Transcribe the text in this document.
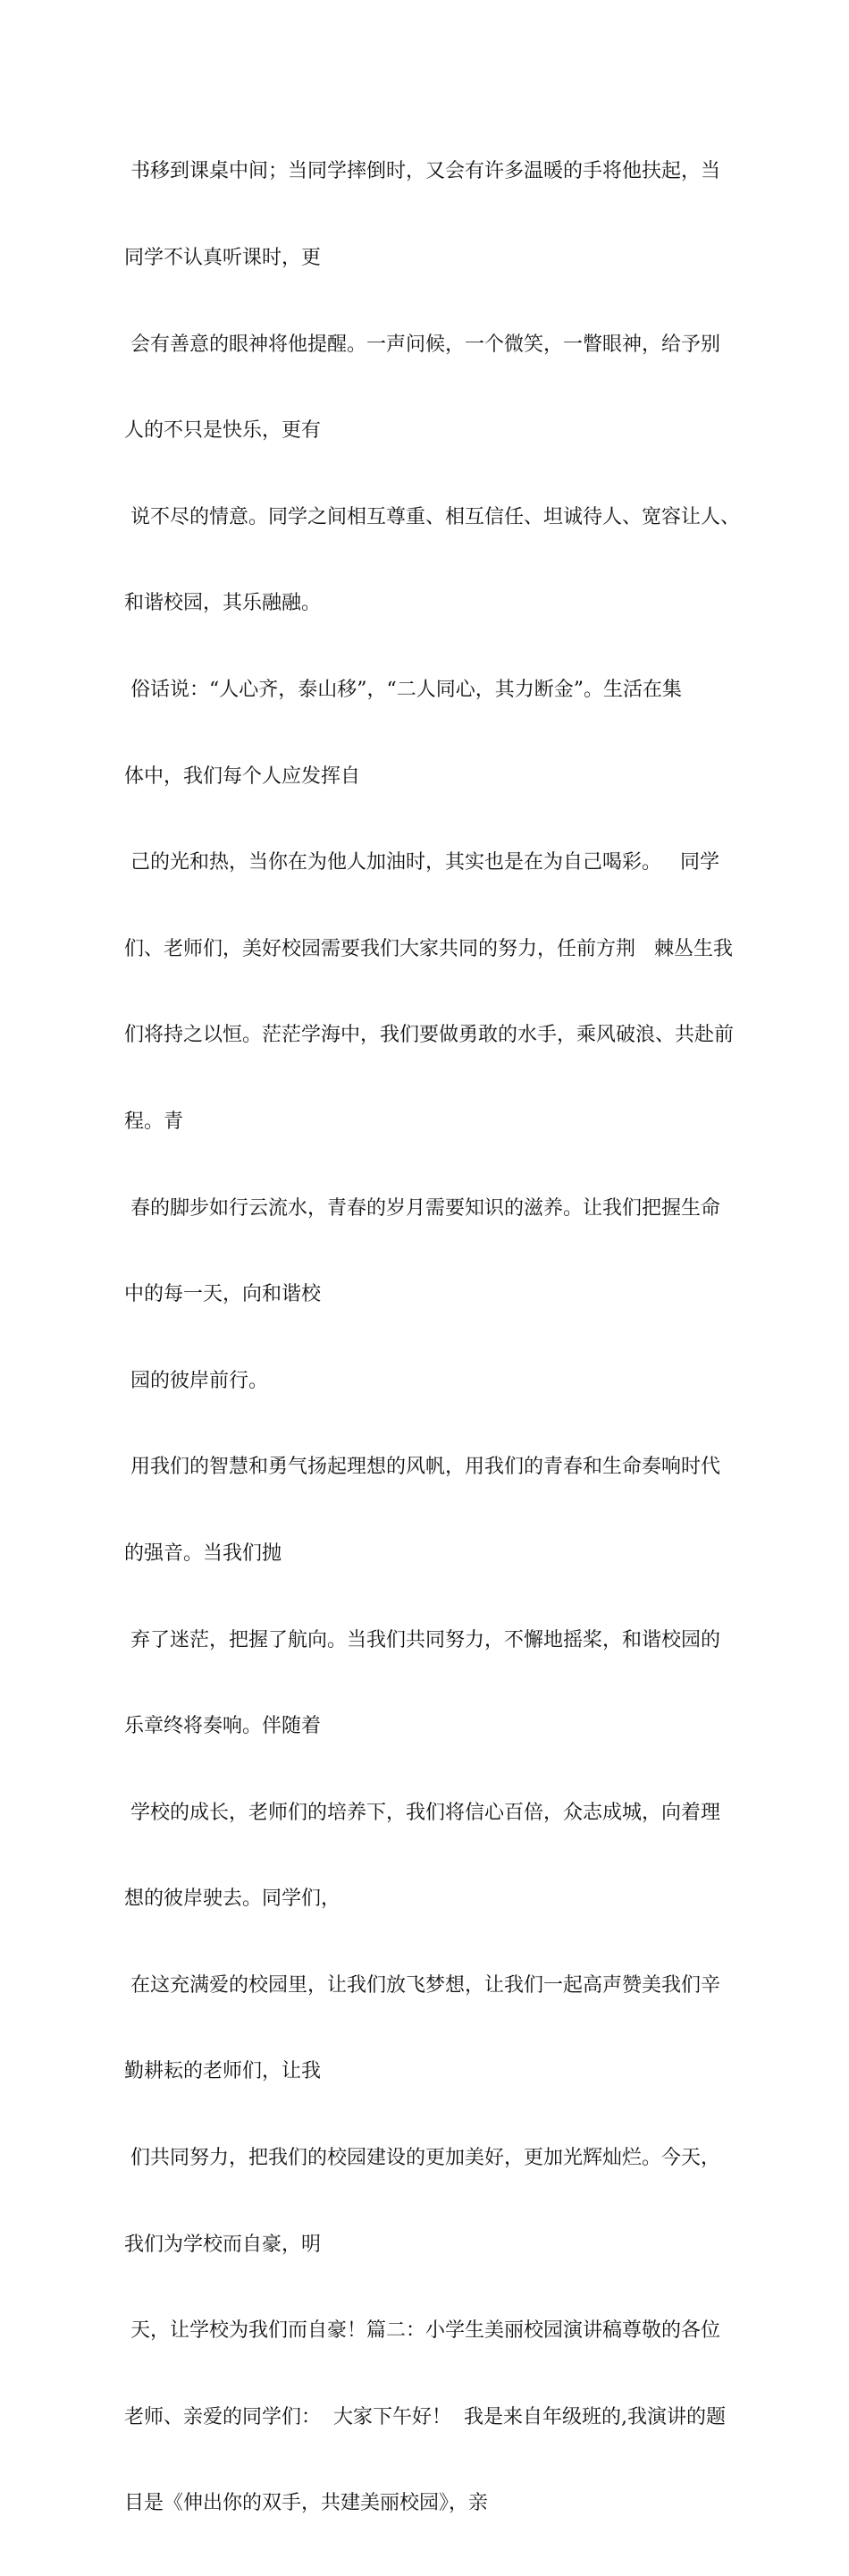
书移到课桌中间；当同学摔倒时，又会有许多温暖的手将他扶起，当

同学不认真听课时，更

会有善意的眼神将他提醒。一声问候，一个微笑，一瞥眼神，给予别

人的不只是快乐，更有

说不尽的情意。同学之间相互尊重、相互信任、坦诚待人、宽容让人、

和谐校园，其乐融融。

俗话说：“人心齐，泰山移”，“二人同心，其力断金”。生活在集

体中，我们每个人应发挥自

己的光和热，当你在为他人加油时，其实也是在为自己喝彩。   同学

们、老师们，美好校园需要我们大家共同的努力，任前方荆   棘丛生我

们将持之以恒。茫茫学海中，我们要做勇敢的水手，乘风破浪、共赴前

程。青

春的脚步如行云流水，青春的岁月需要知识的滋养。让我们把握生命

中的每一天，向和谐校

园的彼岸前行。

用我们的智慧和勇气扬起理想的风帆，用我们的青春和生命奏响时代

的强音。当我们抛

弃了迷茫，把握了航向。当我们共同努力，不懈地摇桨，和谐校园的

乐章终将奏响。伴随着

学校的成长，老师们的培养下，我们将信心百倍，众志成城，向着理

想的彼岸驶去。同学们，

在这充满爱的校园里，让我们放飞梦想，让我们一起高声赞美我们辛

勤耕耘的老师们，让我

们共同努力，把我们的校园建设的更加美好，更加光辉灿烂。今天，

我们为学校而自豪，明

天，让学校为我们而自豪！篇二：小学生美丽校园演讲稿尊敬的各位

老师、亲爱的同学们：  大家下午好！  我是来自年级班的,我演讲的题

目是《伸出你的双手，共建美丽校园》，亲
